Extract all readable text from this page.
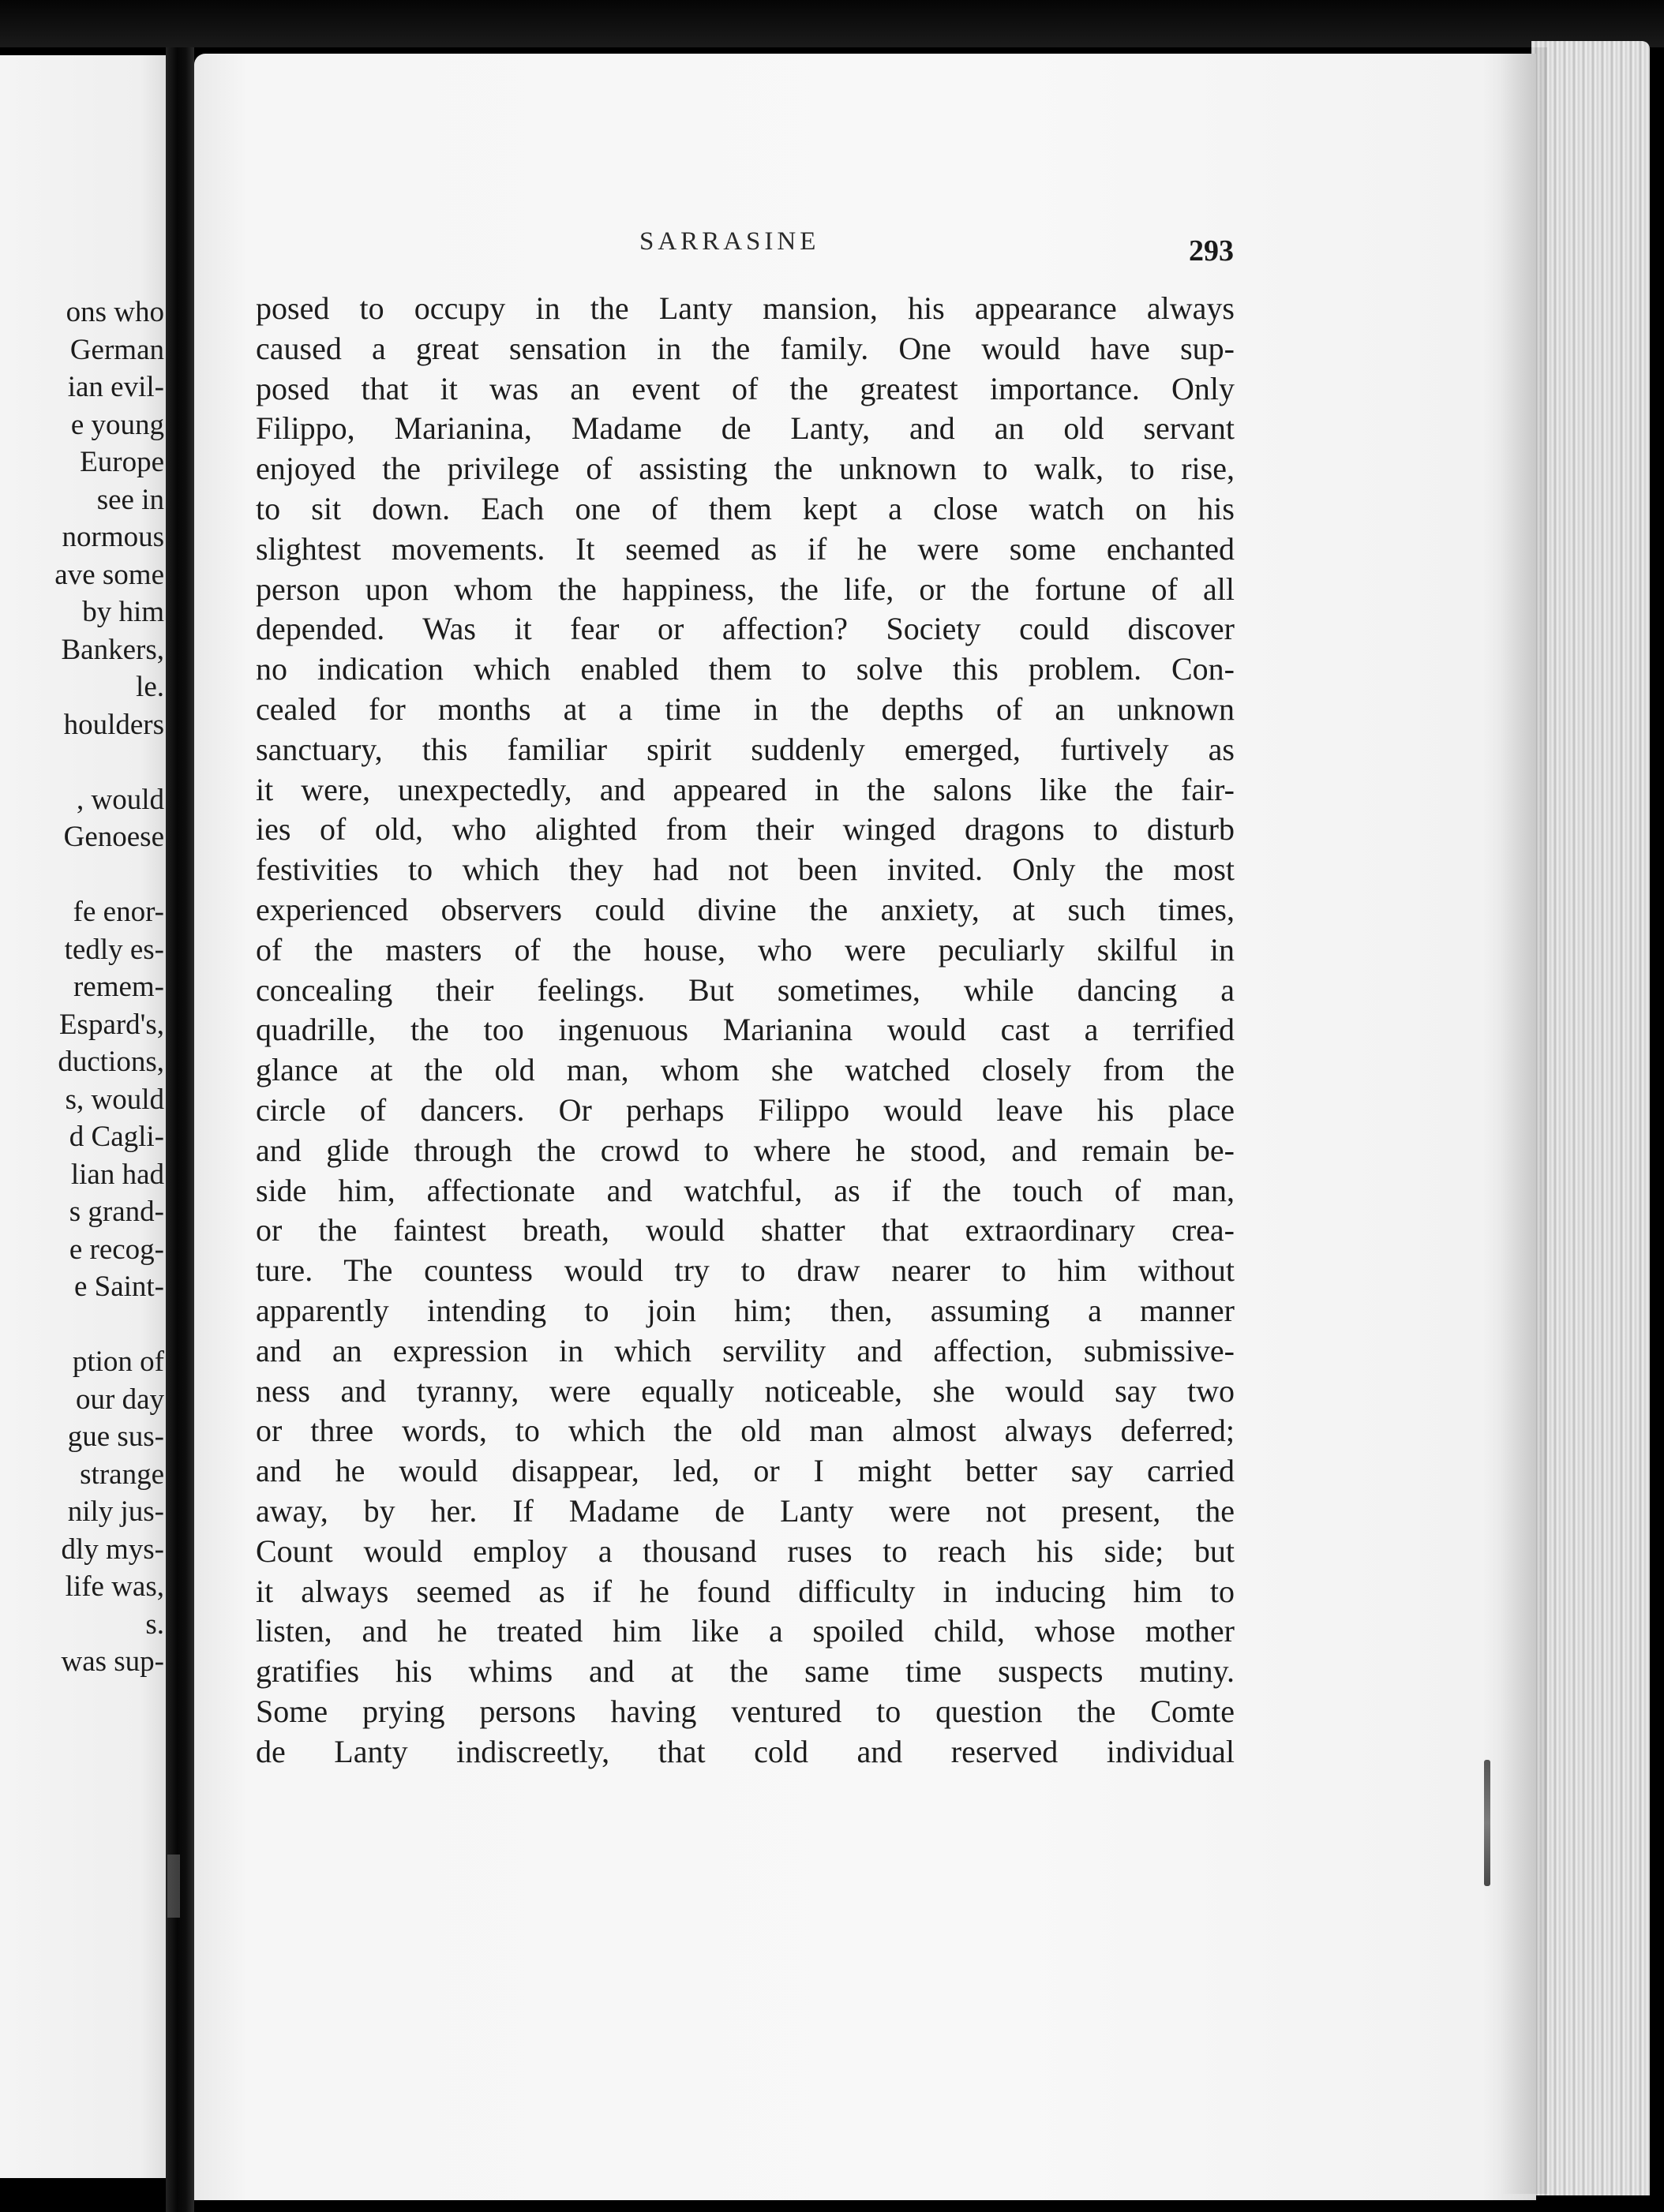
ons who
German
ian evil-
e young
Europe
see in
normous
ave some
by him
Bankers,
le.
houlders
, would
Genoese
fe enor-
tedly es-
remem-
Espard's,
ductions,
s, would
d Cagli-
lian had
s grand-
e recog-
e Saint-
ption of
our day
gue sus-
strange
nily jus-
dly mys-
life was,
s.
was sup-
SARRASINE	293
posed to occupy in the Lanty mansion, his appearance always
caused a great sensation in the family. One would have sup-
posed that it was an event of the greatest importance. Only
Filippo, Marianina, Madame de Lanty, and an old servant
enjoyed the privilege of assisting the unknown to walk, to rise,
to sit down. Each one of them kept a close watch on his
slightest movements. It seemed as if he were some enchanted
person upon whom the happiness, the life, or the fortune of all
depended. Was it fear or affection? Society could discover
no indication which enabled them to solve this problem. Con-
cealed for months at a time in the depths of an unknown
sanctuary, this familiar spirit suddenly emerged, furtively as
it were, unexpectedly, and appeared in the salons like the fair-
ies of old, who alighted from their winged dragons to disturb
festivities to which they had not been invited. Only the most
experienced observers could divine the anxiety, at such times,
of the masters of the house, who were peculiarly skilful in
concealing their feelings. But sometimes, while dancing a
quadrille, the too ingenuous Marianina would cast a terrified
glance at the old man, whom she watched closely from the
circle of dancers. Or perhaps Filippo would leave his place
and glide through the crowd to where he stood, and remain be-
side him, affectionate and watchful, as if the touch of man,
or the faintest breath, would shatter that extraordinary crea-
ture. The countess would try to draw nearer to him without
apparently intending to join him; then, assuming a manner
and an expression in which servility and affection, submissive-
ness and tyranny, were equally noticeable, she would say two
or three words, to which the old man almost always deferred;
and he would disappear, led, or I might better say carried
away, by her. If Madame de Lanty were not present, the
Count would employ a thousand ruses to reach his side; but
it always seemed as if he found difficulty in inducing him to
listen, and he treated him like a spoiled child, whose mother
gratifies his whims and at the same time suspects mutiny.
Some prying persons having ventured to question the Comte
de Lanty indiscreetly, that cold and reserved individual
